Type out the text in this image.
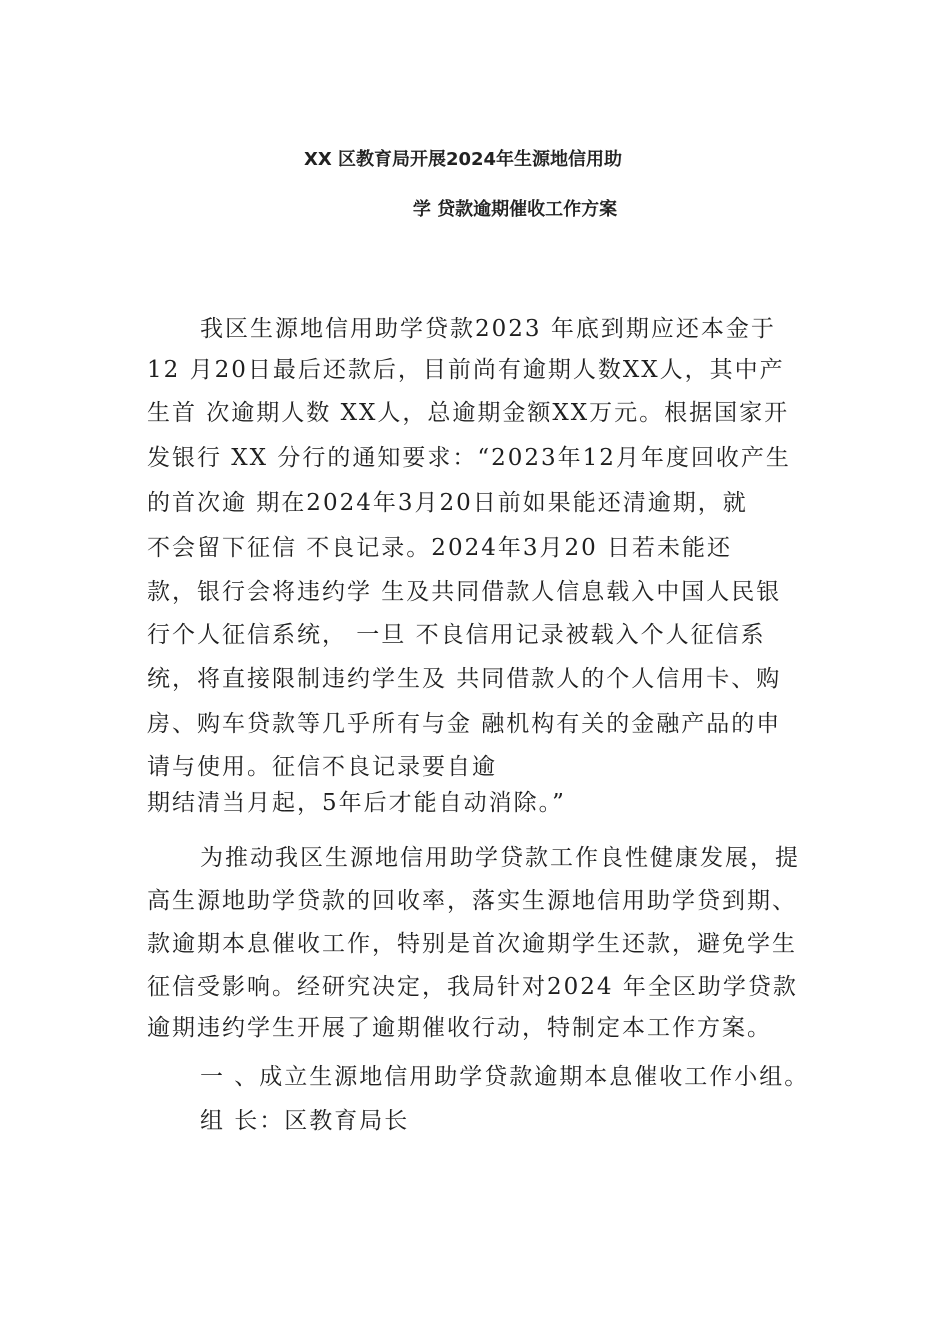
XX 区教育局开展2024年生源地信用助
学 贷款逾期催收工作方案
我区生源地信用助学贷款2023 年底到期应还本金于
12 月20日最后还款后，目前尚有逾期人数XX人，其中产
生首 次逾期人数 XX人，总逾期金额XX万元。根据国家开
发银行 XX 分行的通知要求：“2023年12月年度回收产生
的首次逾 期在2024年3月20日前如果能还清逾期，就
不会留下征信 不良记录。2024年3月20 日若未能还
款，银行会将违约学 生及共同借款人信息载入中国人民银
行个人征信系统， 一旦 不良信用记录被载入个人征信系
统，将直接限制违约学生及 共同借款人的个人信用卡、购
房、购车贷款等几乎所有与金 融机构有关的金融产品的申
请与使用。征信不良记录要自逾
期结清当月起，5年后才能自动消除。”
为推动我区生源地信用助学贷款工作良性健康发展，提
高生源地助学贷款的回收率，落实生源地信用助学贷到期、
款逾期本息催收工作，特别是首次逾期学生还款，避免学生
征信受影响。经研究决定，我局针对2024 年全区助学贷款
逾期违约学生开展了逾期催收行动，特制定本工作方案。
一 、成立生源地信用助学贷款逾期本息催收工作小组。
组 长：区教育局长
